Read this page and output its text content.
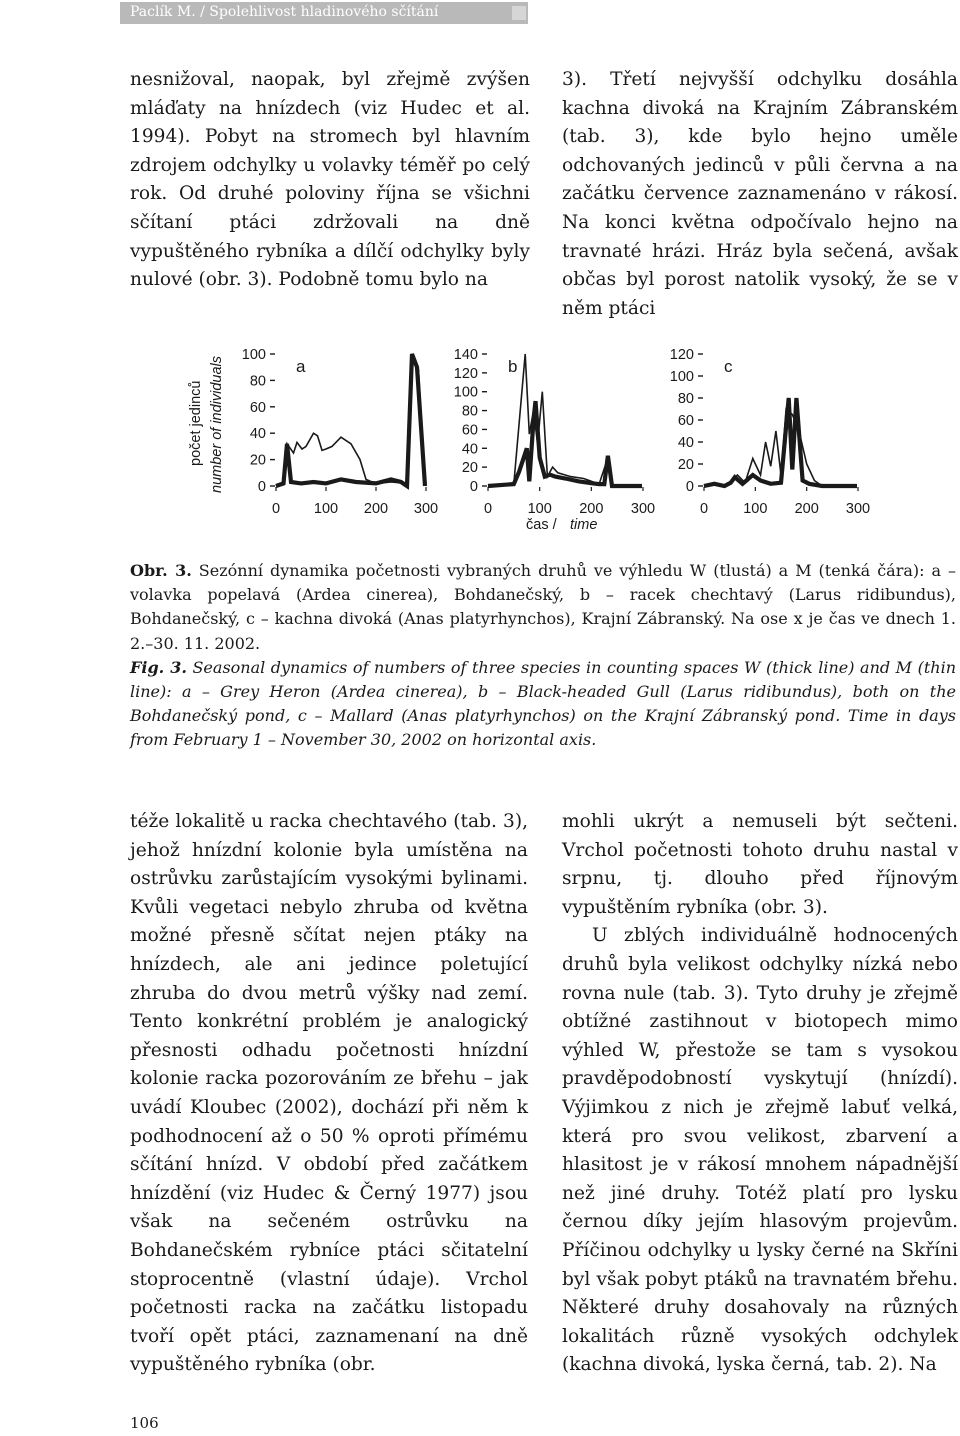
Paclík M. / Spolehlivost hladinového sčítání

nesnižoval, naopak, byl zřejmě zvýšen mláďaty na hnízdech (viz Hudec et al. 1994). Pobyt na stromech byl hlavním zdrojem odchylky u volavky téměř po celý rok. Od druhé poloviny října se všichni sčítaní ptáci zdržovali na dně vypuštěného rybníka a dílčí odchylky byly nulové (obr. 3). Podobně tomu bylo na

3). Třetí nejvyšší odchylku dosáhla kachna divoká na Krajním Zábranském (tab. 3), kde bylo hejno uměle odchovaných jedinců v půli června a na začátku července zaznamenáno v rákosí. Na konci května odpočívalo hejno na travnaté hrázi. Hráz byla sečená, avšak občas byl porost natolik vysoký, že se v něm ptáci

počet jedinců number of individuals
čas / time
0
20
40
60
80
100
0 100 200 300
a
0
20
40
60
80
100
120
140
0 100 200 300
b
0
20
40
60
80
100
120
0 100 200 300
c

Obr. 3. Sezónní dynamika početnosti vybraných druhů ve výhledu W (tlustá) a M (tenká čára): a – volavka popelavá (Ardea cinerea), Bohdanečský, b – racek chechtavý (Larus ridibundus), Bohdanečský, c – kachna divoká (Anas platyrhynchos), Krajní Zábranský. Na ose x je čas ve dnech 1. 2.–30. 11. 2002.

Fig. 3. Seasonal dynamics of numbers of three species in counting spaces W (thick line) and M (thin line): a – Grey Heron (Ardea cinerea), b – Black-headed Gull (Larus ridibundus), both on the Bohdanečský pond, c – Mallard (Anas platyrhynchos) on the Krajní Zábranský pond. Time in days from February 1 – November 30, 2002 on horizontal axis.

téže lokalitě u racka chechtavého (tab. 3), jehož hnízdní kolonie byla umístěna na ostrůvku zarůstajícím vysokými bylinami. Kvůli vegetaci nebylo zhruba od května možné přesně sčítat nejen ptáky na hnízdech, ale ani jedince poletující zhruba do dvou metrů výšky nad zemí. Tento konkrétní problém je analogický přesnosti odhadu početnosti hnízdní kolonie racka pozorováním ze břehu – jak uvádí Kloubec (2002), dochází při něm k podhodnocení až o 50 % oproti přímému sčítání hnízd. V období před začátkem hnízdění (viz Hudec & Černý 1977) jsou však na sečeném ostrůvku na Bohdanečském rybníce ptáci sčitatelní stoprocentně (vlastní údaje). Vrchol početnosti racka na začátku listopadu tvoří opět ptáci, zaznamenaní na dně vypuštěného rybníka (obr.

mohli ukrýt a nemuseli být sečteni. Vrchol početnosti tohoto druhu nastal v srpnu, tj. dlouho před říjnovým vypuštěním rybníka (obr. 3).

U zblých individuálně hodnocených druhů byla velikost odchylky nízká nebo rovna nule (tab. 3). Tyto druhy je zřejmě obtížné zastihnout v biotopech mimo výhled W, přestože se tam s vysokou pravděpodobností vyskytují (hnízdí). Výjimkou z nich je zřejmě labuť velká, která pro svou velikost, zbarvení a hlasitost je v rákosí mnohem nápadnější než jiné druhy. Totéž platí pro lysku černou díky jejím hlasovým projevům. Příčinou odchylky u lysky černé na Skříni byl však pobyt ptáků na travnatém břehu. Některé druhy dosahovaly na různých lokalitách různě vysokých odchylek (kachna divoká, lyska černá, tab. 2). Na

106
